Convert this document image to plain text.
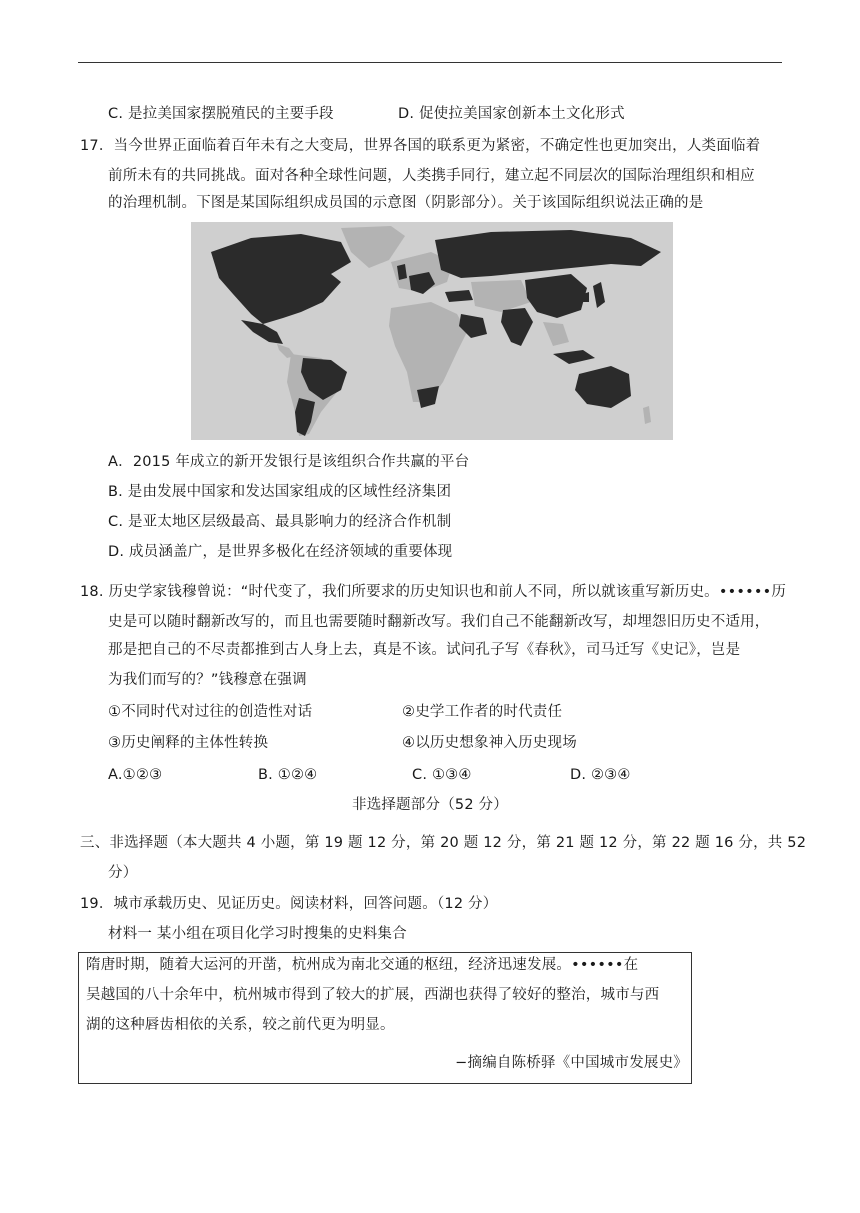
C. 是拉美国家摆脱殖民的主要手段	D. 促使拉美国家创新本土文化形式
17．当今世界正面临着百年未有之大变局，世界各国的联系更为紧密，不确定性也更加突出，人类面临着
前所未有的共同挑战。面对各种全球性问题，人类携手同行，建立起不同层次的国际治理组织和相应
的治理机制。下图是某国际组织成员国的示意图（阴影部分）。关于该国际组织说法正确的是
A．2015 年成立的新开发银行是该组织合作共赢的平台
B. 是由发展中国家和发达国家组成的区域性经济集团
C. 是亚太地区层级最高、最具影响力的经济合作机制
D. 成员涵盖广，是世界多极化在经济领域的重要体现
18. 历史学家钱穆曾说：“时代变了，我们所要求的历史知识也和前人不同，所以就该重写新历史。••••••历
史是可以随时翻新改写的，而且也需要随时翻新改写。我们自己不能翻新改写，却埋怨旧历史不适用，
那是把自己的不尽责都推到古人身上去，真是不该。试问孔子写《春秋》，司马迁写《史记》，岂是
为我们而写的？”钱穆意在强调
①不同时代对过往的创造性对话	②史学工作者的时代责任
③历史阐释的主体性转换	④以历史想象神入历史现场
A.①②③	B. ①②④	C. ①③④	D. ②③④
非选择题部分（52 分）
三、非选择题（本大题共 4 小题，第 19 题 12 分，第 20 题 12 分，第 21 题 12 分，第 22 题 16 分，共 52
分）
19．城市承载历史、见证历史。阅读材料，回答问题。（12 分）
材料一 某小组在项目化学习时搜集的史料集合
隋唐时期，随着大运河的开凿，杭州成为南北交通的枢纽，经济迅速发展。••••••在
吴越国的八十余年中，杭州城市得到了较大的扩展，西湖也获得了较好的整治，城市与西
湖的这种唇齿相依的关系，较之前代更为明显。
−摘编自陈桥驿《中国城市发展史》
